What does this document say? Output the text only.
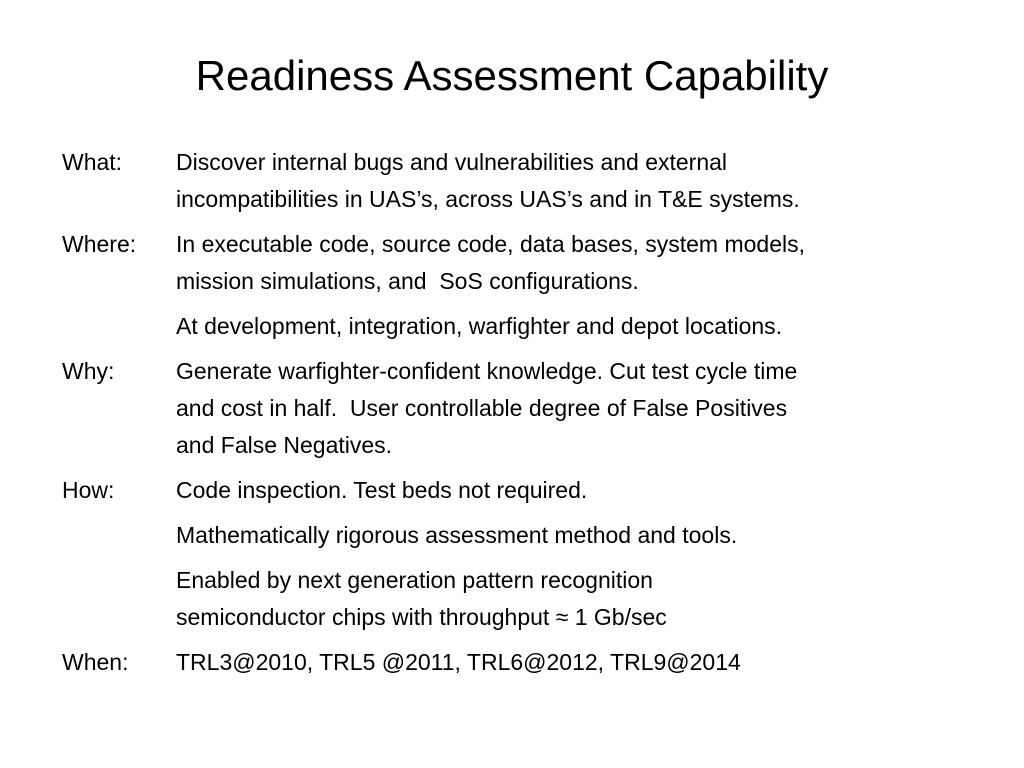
Readiness Assessment Capability
What:	Discover internal bugs and vulnerabilities and external
incompatibilities in UAS’s, across UAS’s and in T&E systems.
Where:	In executable code, source code, data bases, system models,
mission simulations, and  SoS configurations.
At development, integration, warfighter and depot locations.
Why:	Generate warfighter-confident knowledge. Cut test cycle time
and cost in half.  User controllable degree of False Positives
and False Negatives.
How:	Code inspection. Test beds not required.
Mathematically rigorous assessment method and tools.
Enabled by next generation pattern recognition
semiconductor chips with throughput ≈ 1 Gb/sec
When:	TRL3@2010, TRL5 @2011, TRL6@2012, TRL9@2014
